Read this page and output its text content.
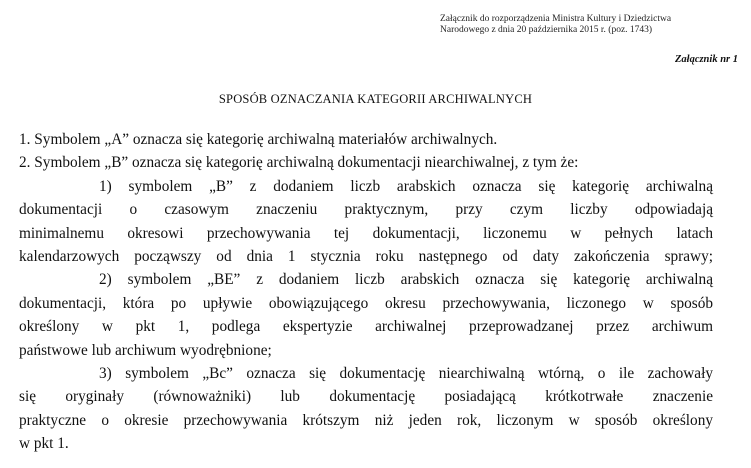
Załącznik do rozporządzenia Ministra Kultury i Dziedzictwa
Narodowego z dnia 20 października 2015 r. (poz. 1743)
Załącznik nr 1
SPOSÓB OZNACZANIA KATEGORII ARCHIWALNYCH
1. Symbolem „A” oznacza się kategorię archiwalną materiałów archiwalnych.
2. Symbolem „B” oznacza się kategorię archiwalną dokumentacji niearchiwalnej, z tym że:
1) symbolem „B” z dodaniem liczb arabskich oznacza się kategorię archiwalną
dokumentacji o czasowym znaczeniu praktycznym, przy czym liczby odpowiadają
minimalnemu okresowi przechowywania tej dokumentacji, liczonemu w pełnych latach
kalendarzowych począwszy od dnia 1 stycznia roku następnego od daty zakończenia sprawy;
2) symbolem „BE” z dodaniem liczb arabskich oznacza się kategorię archiwalną
dokumentacji, która po upływie obowiązującego okresu przechowywania, liczonego w sposób
określony w pkt 1, podlega ekspertyzie archiwalnej przeprowadzanej przez archiwum
państwowe lub archiwum wyodrębnione;
3) symbolem „Bc” oznacza się dokumentację niearchiwalną wtórną, o ile zachowały
się oryginały (równoważniki) lub dokumentację posiadającą krótkotrwałe znaczenie
praktyczne o okresie przechowywania krótszym niż jeden rok, liczonym w sposób określony
w pkt 1.
